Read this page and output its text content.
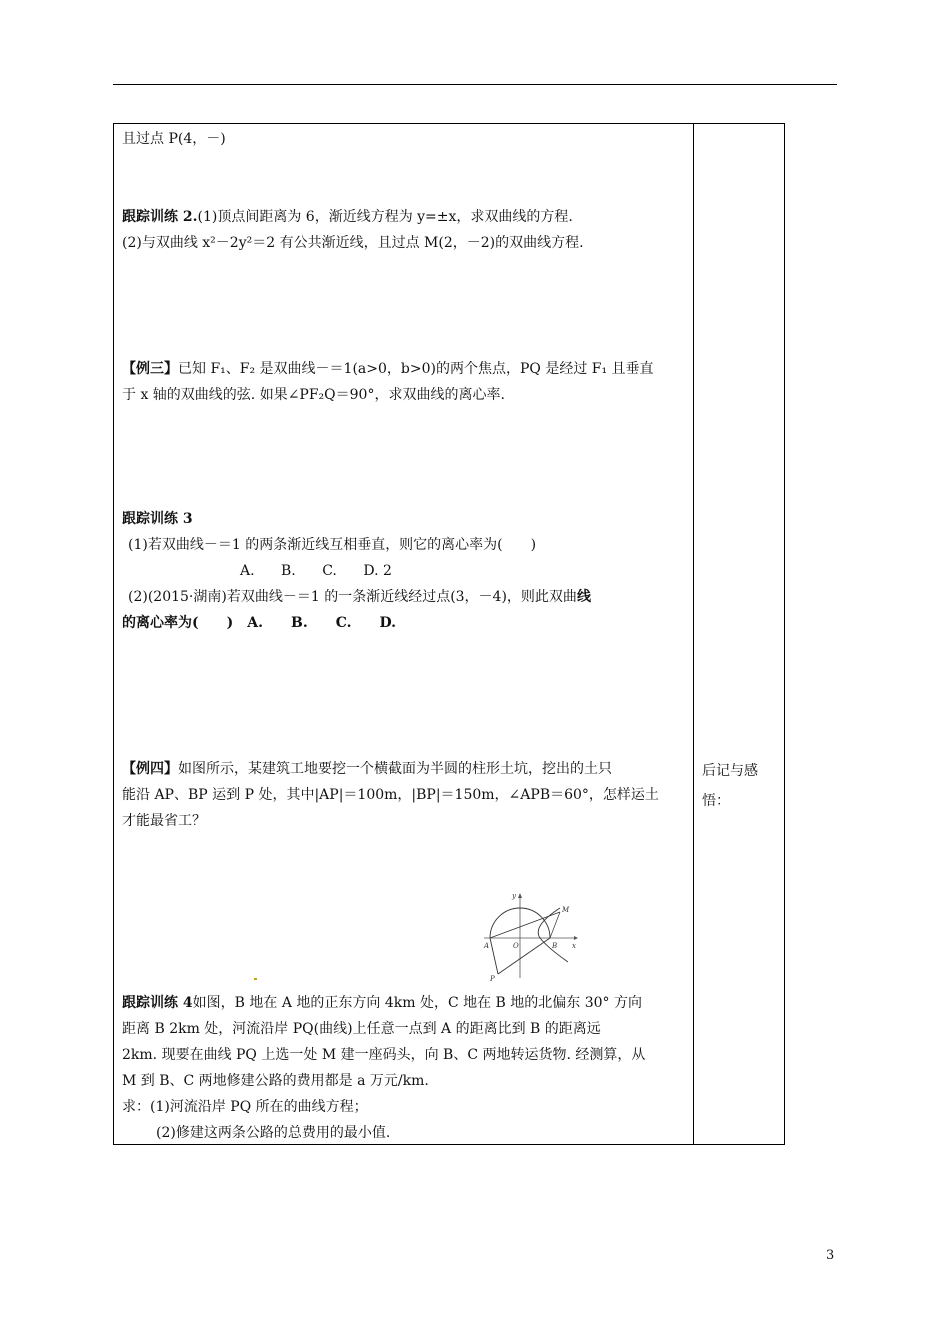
且过点 P(4，－)
跟踪训练 2.(1)顶点间距离为 6，渐近线方程为 y=±x，求双曲线的方程.
(2)与双曲线 x²－2y²＝2 有公共渐近线，且过点 M(2，－2)的双曲线方程.
【例三】已知 F₁、F₂ 是双曲线－＝1(a>0，b>0)的两个焦点，PQ 是经过 F₁ 且垂直
于 x 轴的双曲线的弦. 如果∠PF₂Q＝90°，求双曲线的离心率.
跟踪训练 3
(1)若双曲线－＝1 的两条渐近线互相垂直，则它的离心率为(　　)
A. B. C. D. 2
(2)(2015·湖南)若双曲线－＝1 的一条渐近线经过点(3，－4)，则此双曲线
的离心率为(　　)　A.　　B.　　C.　　D.
【例四】如图所示，某建筑工地要挖一个横截面为半圆的柱形土坑，挖出的土只
能沿 AP、BP 运到 P 处，其中|AP|＝100m，|BP|＝150m，∠APB＝60°，怎样运土
才能最省工？
y
M
A	O	B x
P
跟踪训练 4如图，B 地在 A 地的正东方向 4km 处，C 地在 B 地的北偏东 30° 方向
距离 B 2km 处，河流沿岸 PQ(曲线)上任意一点到 A 的距离比到 B 的距离远
2km. 现要在曲线 PQ 上选一处 M 建一座码头，向 B、C 两地转运货物. 经测算，从
M 到 B、C 两地修建公路的费用都是 a 万元/km.
求：(1)河流沿岸 PQ 所在的曲线方程；
(2)修建这两条公路的总费用的最小值.
后记与感
悟：
3
